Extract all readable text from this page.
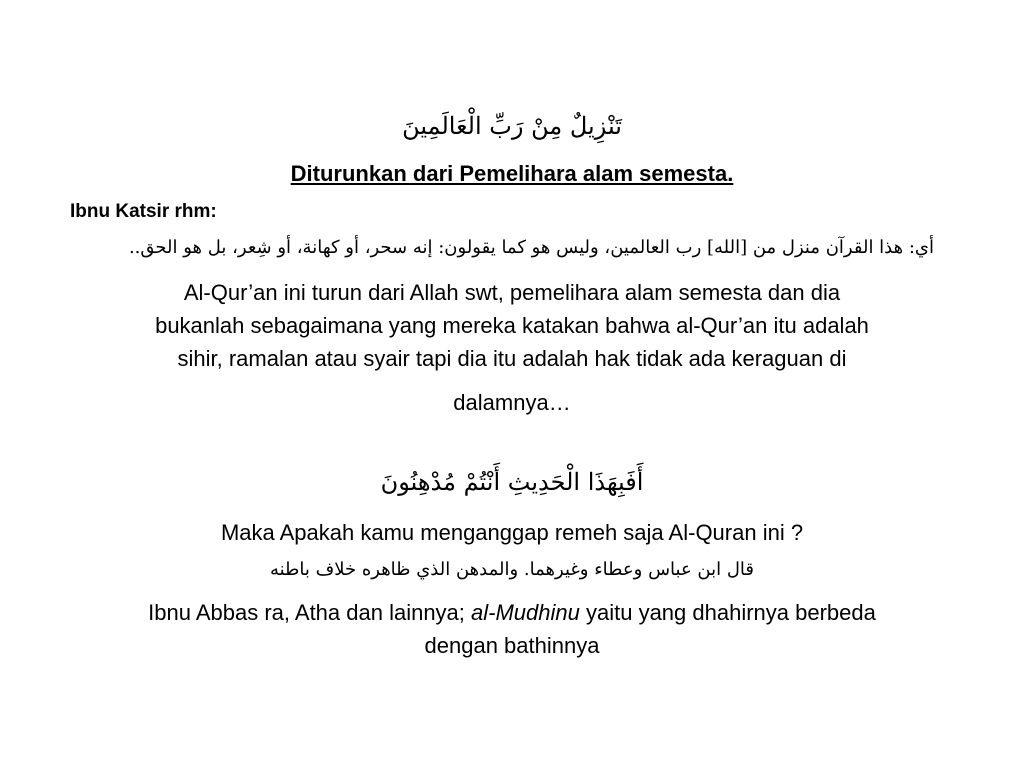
تَنْزِيلٌ مِنْ رَبِّ الْعَالَمِينَ
Diturunkan dari Pemelihara alam semesta.
Ibnu Katsir rhm:
أي: هذا القرآن منزل من [الله] رب العالمين، وليس هو كما يقولون: إنه سحر، أو كهانة، أو شِعر، بل هو الحق..
Al-Qur’an ini turun dari Allah swt, pemelihara alam semesta dan dia
bukanlah sebagaimana yang mereka katakan bahwa al-Qur’an itu adalah
sihir, ramalan atau syair tapi dia itu adalah hak tidak ada keraguan di
dalamnya…
أَفَبِهَذَا الْحَدِيثِ أَنْتُمْ مُدْهِنُونَ
Maka Apakah kamu menganggap remeh saja Al-Quran ini ?
قال ابن عباس وعطاء وغيرهما. والمدهن الذي ظاهره خلاف باطنه
Ibnu Abbas ra, Atha dan lainnya; al-Mudhinu yaitu yang dhahirnya berbeda
dengan bathinnya
